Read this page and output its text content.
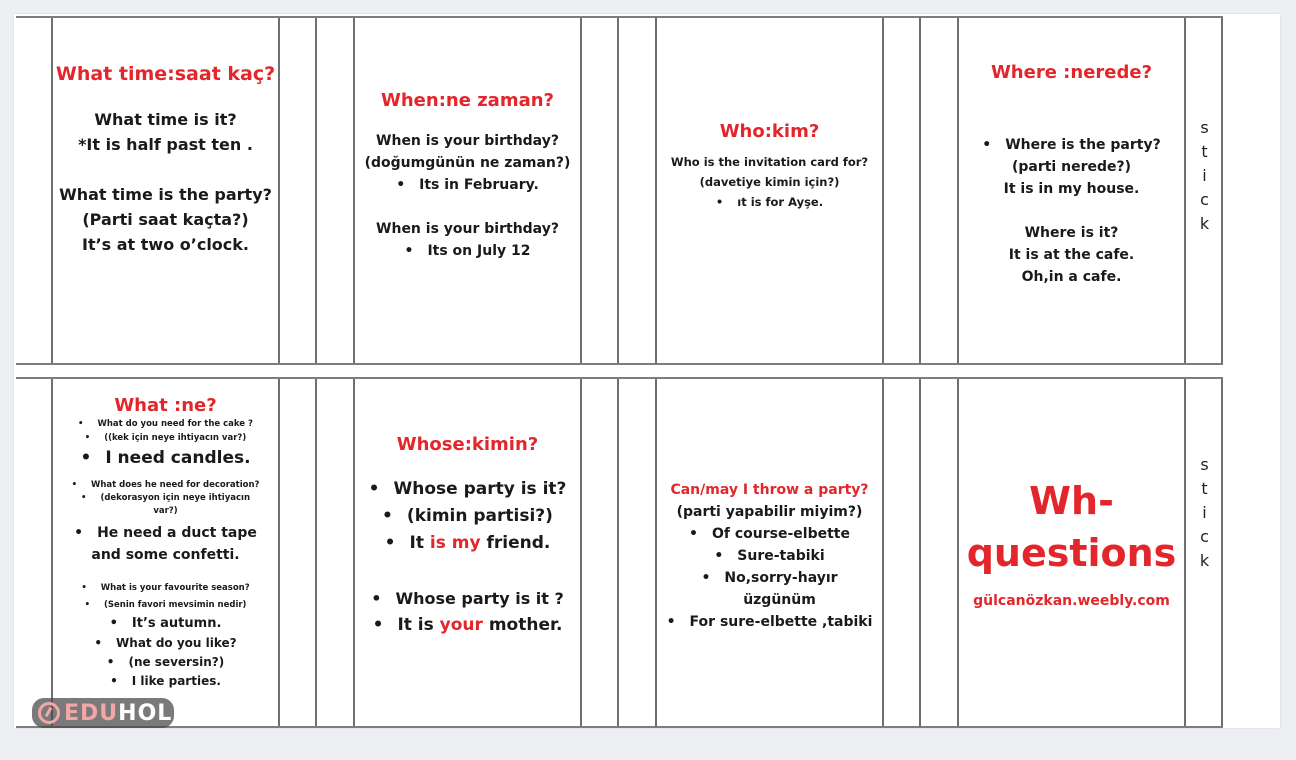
What time:saat kaç?
What time is it?
*It is half past ten .
What time is the party?
(Parti saat kaçta?)
It’s at two o’clock.
When:ne zaman?
When is your birthday?
(doğumgünün ne zaman?)
• Its in February.
When is your birthday?
• Its on July 12
Who:kim?
Who is the invitation card for?
(davetiye kimin için?)
• ıt is for Ayşe.
Where :nerede?
• Where is the party?
(parti nerede?)
It is in my house.
Where is it?
It is at the cafe.
Oh,in a cafe.
s
t
i
c
k
What :ne?
• What do you need for the cake ?
• ((kek için neye ihtiyacın var?)
• I need candles.
• What does he need for decoration?
• (dekorasyon için neye ihtiyacın var?)
• He need a duct tape
and some confetti.
• What is your favourite season?
• (Senin favori mevsimin nedir)
• It’s autumn.
• What do you like?
• (ne seversin?)
• I like parties.
Whose:kimin?
• Whose party is it?
• (kimin partisi?)
• It is my friend.
• Whose party is it ?
• It is your mother.
Can/may I throw a party?
(parti yapabilir miyim?)
• Of course-elbette
• Sure-tabiki
• No,sorry-hayır
üzgünüm
• For sure-elbette ,tabiki
Wh-
questions
gülcanözkan.weebly.com
s
t
i
c
k
EDU HOL
